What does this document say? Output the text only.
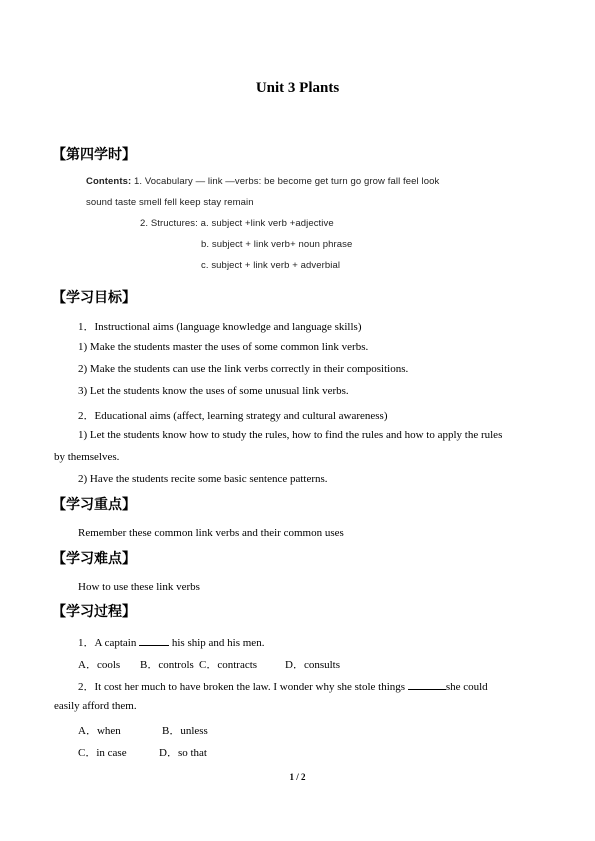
Unit 3 Plants
【第四学时】
Contents: 1. Vocabulary — link —verbs: be become get turn go grow fall feel look
sound taste smell fell keep stay remain
2. Structures: a. subject +link verb +adjective
b. subject + link verb+ noun phrase
c. subject + link verb + adverbial
【学习目标】
1．Instructional aims (language knowledge and language skills)
1) Make the students master the uses of some common link verbs.
2) Make the students can use the link verbs correctly in their compositions.
3) Let the students know the uses of some unusual link verbs.
2．Educational aims (affect, learning strategy and cultural awareness)
1) Let the students know how to study the rules, how to find the rules and how to apply the rules
by themselves.
2) Have the students recite some basic sentence patterns.
【学习重点】
Remember these common link verbs and their common uses
【学习难点】
How to use these link verbs
【学习过程】
1．A captain	his ship and his men.
A．cools B．controls C．contracts	D．consults
2．It cost her much to have broken the law. I wonder why she stole things	she could
easily afford them.
A．when	B．unless
C．in case	D．so that
1 / 2
